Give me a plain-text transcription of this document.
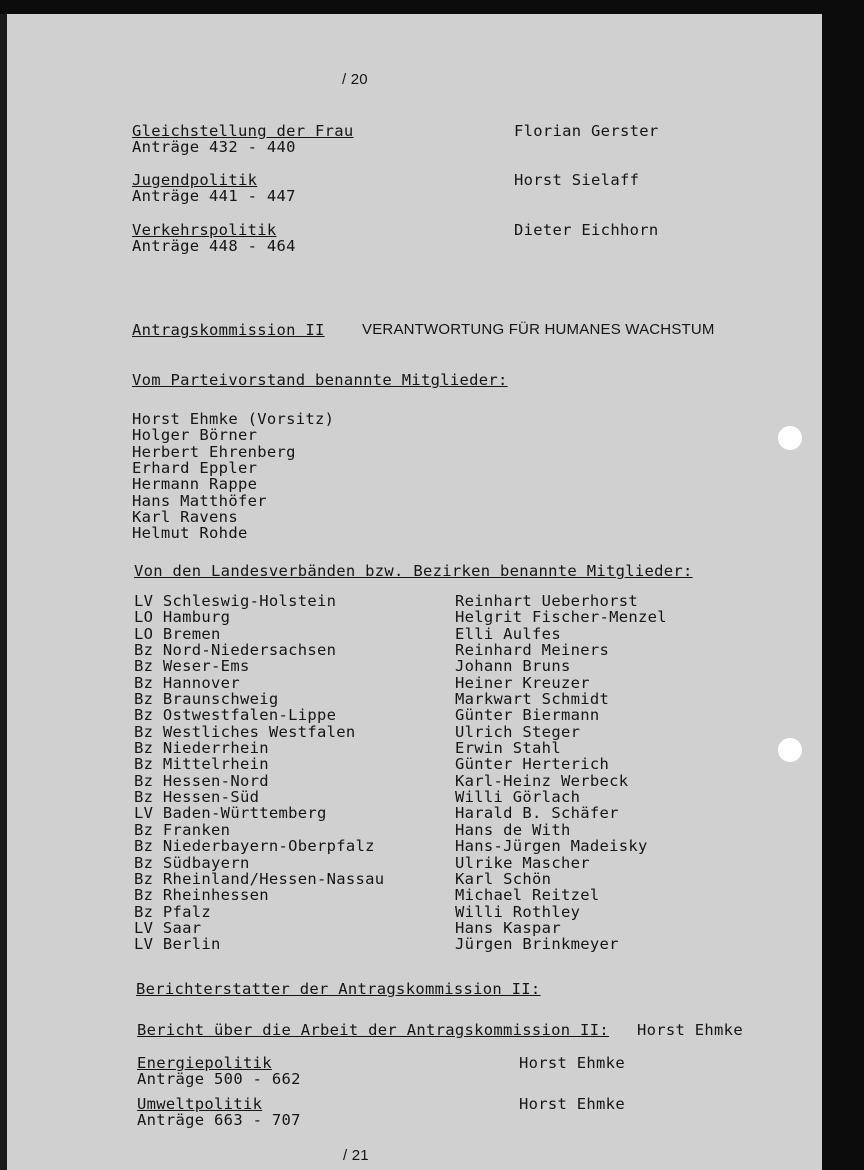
/ 20
Gleichstellung der Frau
Anträge 432 - 440
Florian Gerster
Jugendpolitik
Anträge 441 - 447
Horst Sielaff
Verkehrspolitik
Anträge 448 - 464
Dieter Eichhorn
Antragskommission II VERANTWORTUNG FÜR HUMANES WACHSTUM
Vom Parteivorstand benannte Mitglieder:
Horst Ehmke (Vorsitz)
Holger Börner
Herbert Ehrenberg
Erhard Eppler
Hermann Rappe
Hans Matthöfer
Karl Ravens
Helmut Rohde
Von den Landesverbänden bzw. Bezirken benannte Mitglieder:
LV Schleswig-Holstein
LO Hamburg
LO Bremen
Bz Nord-Niedersachsen
Bz Weser-Ems
Bz Hannover
Bz Braunschweig
Bz Ostwestfalen-Lippe
Bz Westliches Westfalen
Bz Niederrhein
Bz Mittelrhein
Bz Hessen-Nord
Bz Hessen-Süd
LV Baden-Württemberg
Bz Franken
Bz Niederbayern-Oberpfalz
Bz Südbayern
Bz Rheinland/Hessen-Nassau
Bz Rheinhessen
Bz Pfalz
LV Saar
LV Berlin
Reinhart Ueberhorst
Helgrit Fischer-Menzel
Elli Aulfes
Reinhard Meiners
Johann Bruns
Heiner Kreuzer
Markwart Schmidt
Günter Biermann
Ulrich Steger
Erwin Stahl
Günter Herterich
Karl-Heinz Werbeck
Willi Görlach
Harald B. Schäfer
Hans de With
Hans-Jürgen Madeisky
Ulrike Mascher
Karl Schön
Michael Reitzel
Willi Rothley
Hans Kaspar
Jürgen Brinkmeyer
Berichterstatter der Antragskommission II:
Bericht über die Arbeit der Antragskommission II: Horst Ehmke
Energiepolitik
Anträge 500 - 662
Horst Ehmke
Umweltpolitik
Anträge 663 - 707
Horst Ehmke
/ 21
